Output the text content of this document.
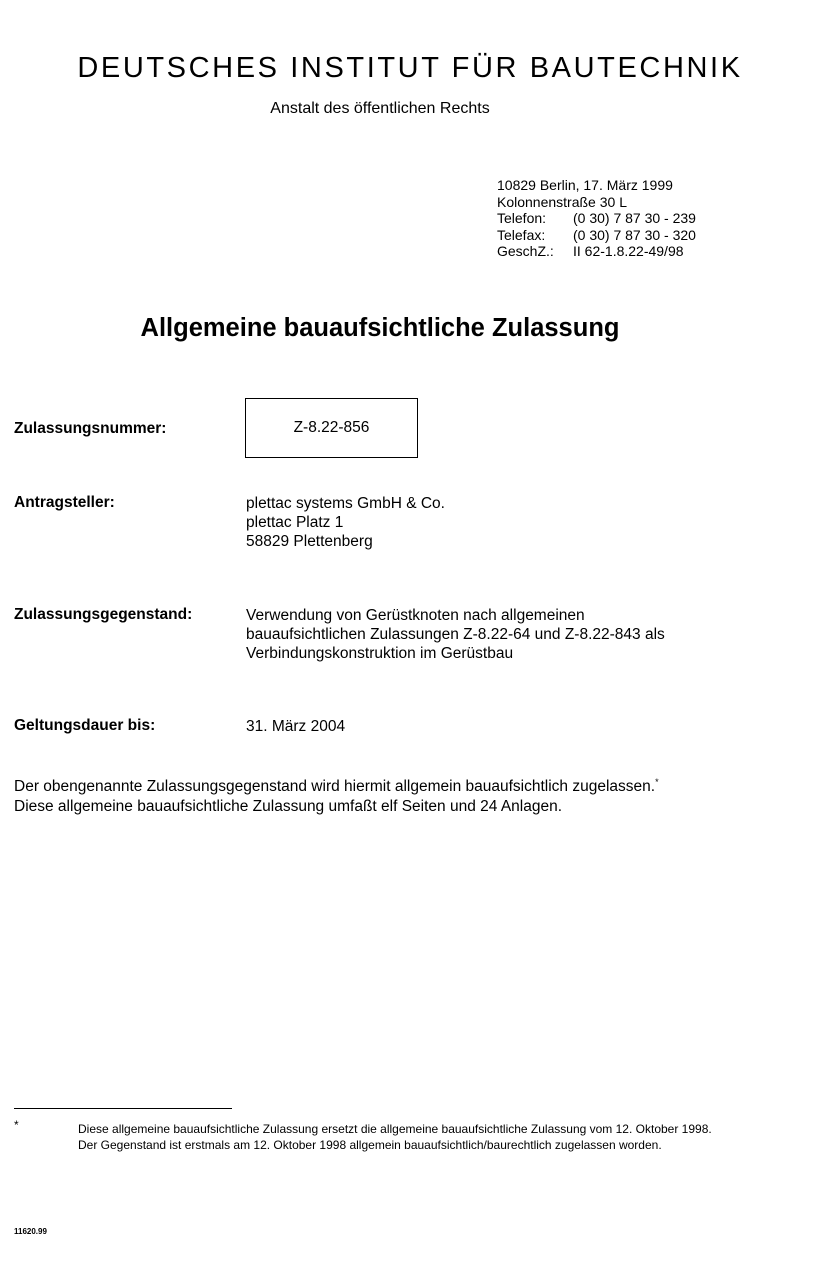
DEUTSCHES INSTITUT FÜR BAUTECHNIK
Anstalt des öffentlichen Rechts
10829 Berlin, 17. März 1999
Kolonnenstraße 30 L
Telefon:	(0 30) 7 87 30 - 239
Telefax:	(0 30) 7 87 30 - 320
GeschZ.:	II 62-1.8.22-49/98
Allgemeine bauaufsichtliche Zulassung
Zulassungsnummer:	Z-8.22-856
Antragsteller:	plettac systems GmbH & Co.
plettac Platz 1
58829 Plettenberg
Zulassungsgegenstand:	Verwendung von Gerüstknoten nach allgemeinen
bauaufsichtlichen Zulassungen Z-8.22-64 und Z-8.22-843 als
Verbindungskonstruktion im Gerüstbau
Geltungsdauer bis:	31. März 2004
Der obengenannte Zulassungsgegenstand wird hiermit allgemein bauaufsichtlich zugelassen.*
Diese allgemeine bauaufsichtliche Zulassung umfaßt elf Seiten und 24 Anlagen.
*	Diese allgemeine bauaufsichtliche Zulassung ersetzt die allgemeine bauaufsichtliche Zulassung vom 12. Oktober 1998.

Der Gegenstand ist erstmals am 12. Oktober 1998 allgemein bauaufsichtlich/baurechtlich zugelassen worden.

11620.99
